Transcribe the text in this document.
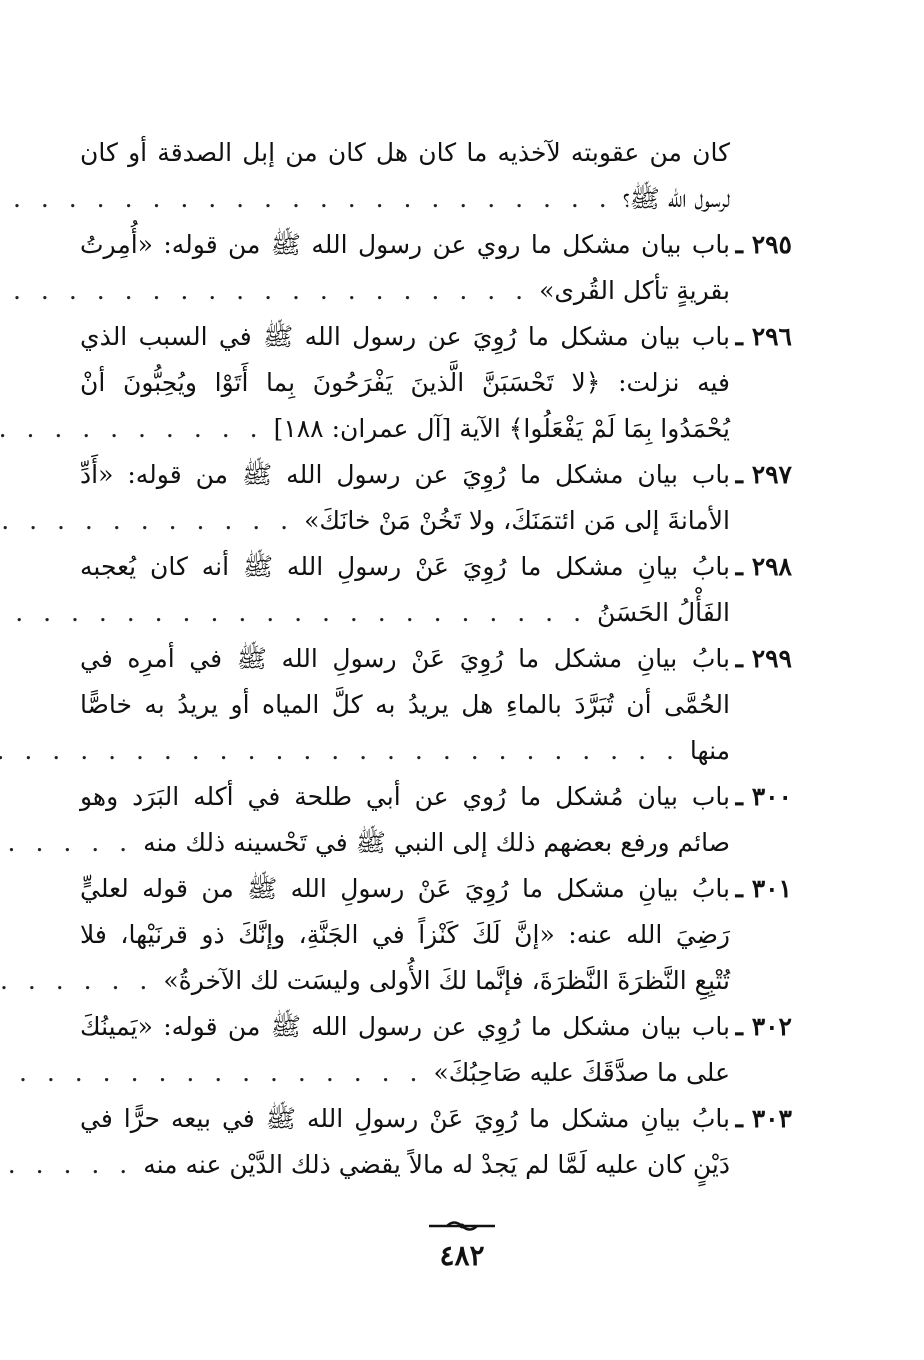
كان من عقوبته لآخذيه ما كان هل كان من إبل الصدقة أو كان
لرسول الله ﷺ؟
. . .
٢٩٥ ـ
باب بيان مشكل ما روي عن رسول الله ﷺ من قوله: «أُمِرتُ
بقريةٍ تأكل القُرى»
. . .
٢٩٦ ـ
باب بيان مشكل ما رُوِيَ عن رسول الله ﷺ في السبب الذي
فيه نزلت: ﴿لا تَحْسَبَنَّ الَّذينَ يَفْرَحُونَ بِما أَتَوْا ويُحِبُّونَ أنْ
يُحْمَدُوا بِمَا لَمْ يَفْعَلُوا﴾ الآية [آل عمران: ١٨٨]
. . .
٢٩٧ ـ
باب بيان مشكل ما رُوِيَ عن رسول الله ﷺ من قوله: «أَدِّ
الأمانةَ إلى مَن ائتمَنَكَ، ولا تَخُنْ مَنْ خانَكَ»
. . .
٢٩٨ ـ
بابُ بيانِ مشكل ما رُوِيَ عَنْ رسولِ الله ﷺ أنه كان يُعجبه
الفَأْلُ الحَسَنُ
. . .
٢٩٩ ـ
بابُ بيانِ مشكل ما رُوِيَ عَنْ رسولِ الله ﷺ في أمرِه في
الحُمَّى أن تُبَرَّدَ بالماءِ هل يريدُ به كلَّ المياه أو يريدُ به خاصًّا
منها
. . .
٣٠٠ ـ
باب بيان مُشكل ما رُوي عن أبي طلحة في أكله البَرَد وهو
صائم ورفع بعضهم ذلك إلى النبي ﷺ في تَحْسينه ذلك منه
. . .
٣٠١ ـ
بابُ بيانِ مشكل ما رُوِيَ عَنْ رسولِ الله ﷺ من قوله لعليٍّ
رَضِيَ الله عنه: «إنَّ لَكَ كَنْزاً في الجَنَّةِ، وإنَّكَ ذو قرنَيْها، فلا
تُتْبِعِ النَّظرَةَ النَّظرَةَ، فإنَّما لكَ الأُولى وليسَت لك الآخرةُ»
. . .
٣٠٢ ـ
باب بيان مشكل ما رُوِي عن رسول الله ﷺ من قوله: «يَمينُكَ
على ما صدَّقَكَ عليه صَاحِبُكَ»
. . .
٣٠٣ ـ
بابُ بيانِ مشكل ما رُوِيَ عَنْ رسولِ الله ﷺ في بيعه حرًّا في
دَيْنٍ كان عليه لَمَّا لم يَجدْ له مالاً يقضي ذلك الدَّيْن عنه منه
. . .
٤٨٢
